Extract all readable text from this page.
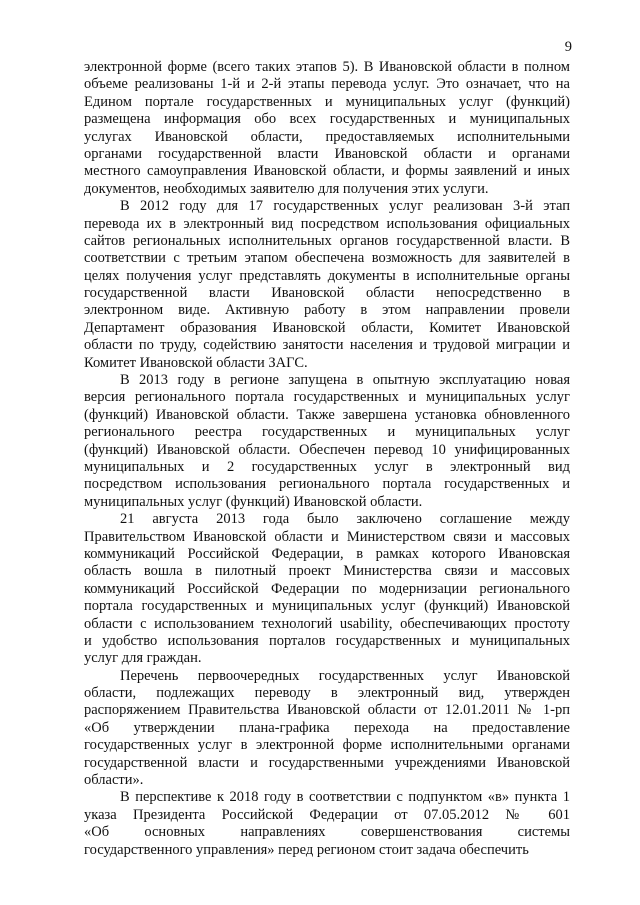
9
электронной форме (всего таких этапов 5). В Ивановской области в полном
объеме реализованы 1-й и 2-й этапы перевода услуг. Это означает, что на
Едином портале государственных и муниципальных услуг (функций)
размещена информация обо всех государственных и муниципальных
услугах Ивановской области, предоставляемых исполнительными
органами государственной власти Ивановской области и органами
местного самоуправления Ивановской области, и формы заявлений и иных
документов, необходимых заявителю для получения этих услуги.
В 2012 году для 17 государственных услуг реализован 3-й этап
перевода их в электронный вид посредством использования официальных
сайтов региональных исполнительных органов государственной власти. В
соответствии с третьим этапом обеспечена возможность для заявителей в
целях получения услуг представлять документы в исполнительные органы
государственной власти Ивановской области непосредственно в
электронном виде. Активную работу в этом направлении провели
Департамент образования Ивановской области, Комитет Ивановской
области по труду, содействию занятости населения и трудовой миграции и
Комитет Ивановской области ЗАГС.
В 2013 году в регионе запущена в опытную эксплуатацию новая
версия регионального портала государственных и муниципальных услуг
(функций) Ивановской области. Также завершена установка обновленного
регионального реестра государственных и муниципальных услуг
(функций) Ивановской области. Обеспечен перевод 10 унифицированных
муниципальных и 2 государственных услуг в электронный вид
посредством использования регионального портала государственных и
муниципальных услуг (функций) Ивановской области.
21 августа 2013 года было заключено соглашение между
Правительством Ивановской области и Министерством связи и массовых
коммуникаций Российской Федерации, в рамках которого Ивановская
область вошла в пилотный проект Министерства связи и массовых
коммуникаций Российской Федерации по модернизации регионального
портала государственных и муниципальных услуг (функций) Ивановской
области с использованием технологий usability, обеспечивающих простоту
и удобство использования порталов государственных и муниципальных
услуг для граждан.
Перечень первоочередных государственных услуг Ивановской
области, подлежащих переводу в электронный вид, утвержден
распоряжением Правительства Ивановской области от 12.01.2011 № 1-рп
«Об утверждении плана-графика перехода на предоставление
государственных услуг в электронной форме исполнительными органами
государственной власти и государственными учреждениями Ивановской
области».
В перспективе к 2018 году в соответствии с подпунктом «в» пункта 1
указа Президента Российской Федерации от 07.05.2012 № 601
«Об основных направлениях совершенствования системы
государственного управления» перед регионом стоит задача обеспечить
